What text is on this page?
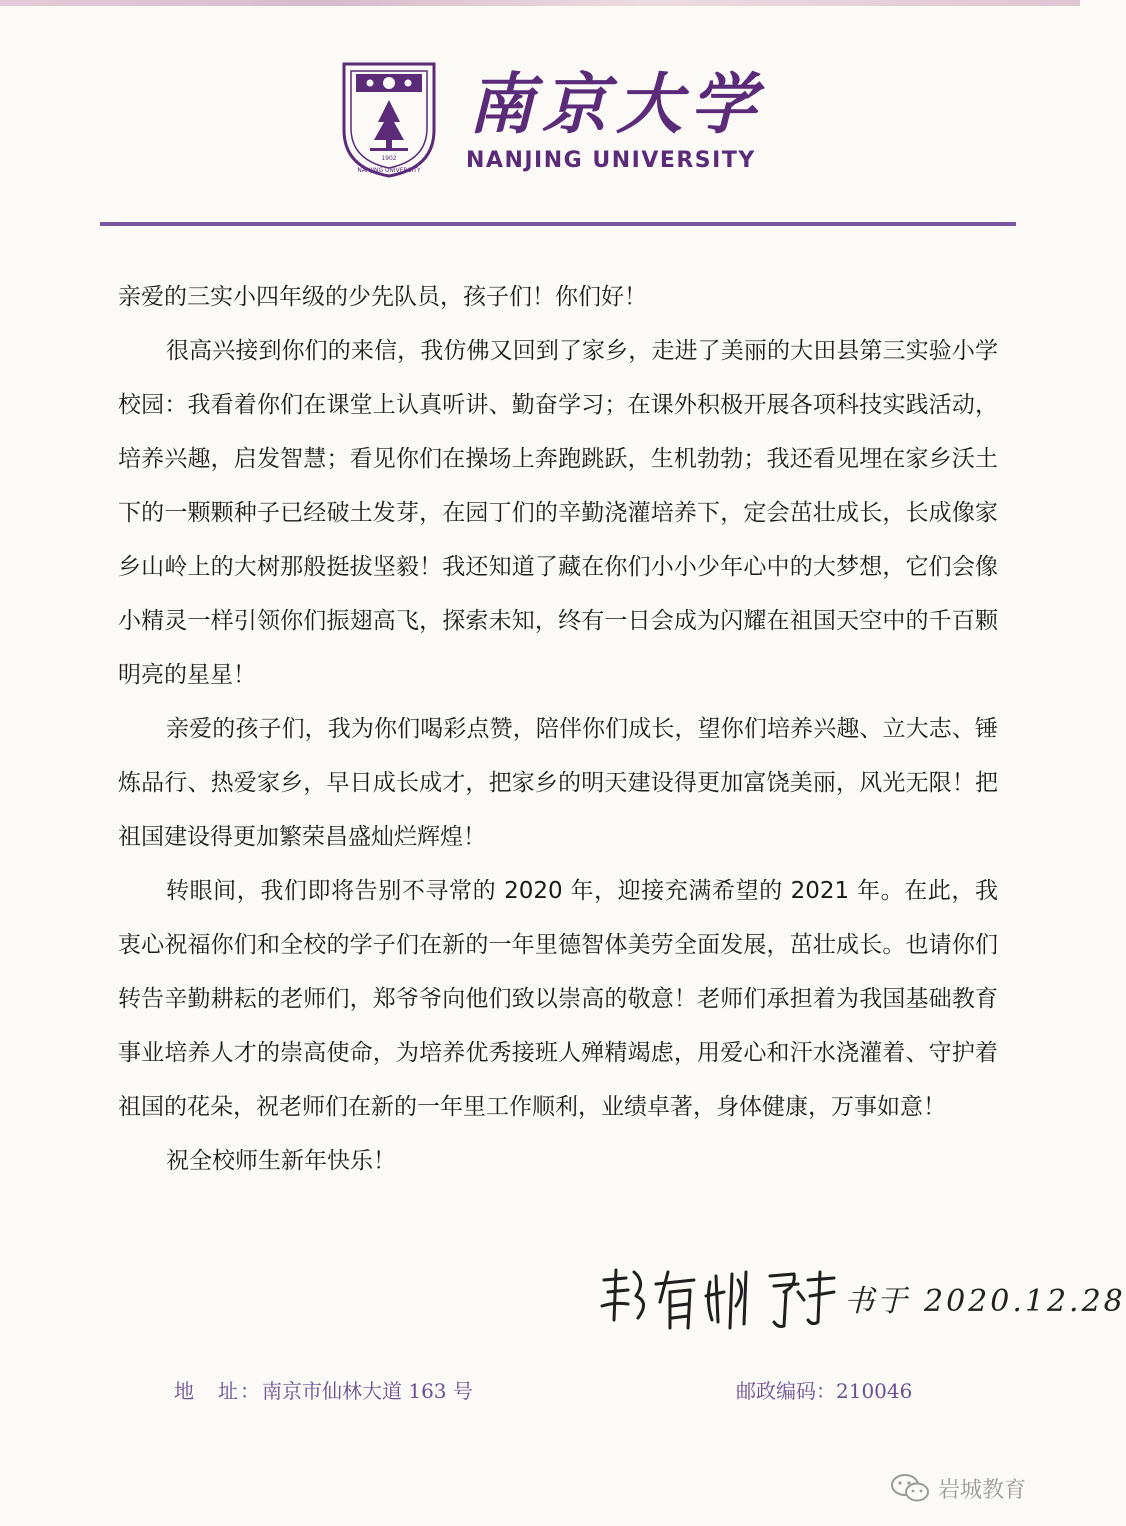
1902
NANJING UNIVERSITY
南京大学
NANJING UNIVERSITY

亲爱的三实小四年级的少先队员，孩子们！你们好！

很高兴接到你们的来信，我仿佛又回到了家乡，走进了美丽的大田县第三实验小学校园：我看着你们在课堂上认真听讲、勤奋学习；在课外积极开展各项科技实践活动，培养兴趣，启发智慧；看见你们在操场上奔跑跳跃，生机勃勃；我还看见埋在家乡沃土下的一颗颗种子已经破土发芽，在园丁们的辛勤浇灌培养下，定会茁壮成长，长成像家乡山岭上的大树那般挺拔坚毅！我还知道了藏在你们小小少年心中的大梦想，它们会像小精灵一样引领你们振翅高飞，探索未知，终有一日会成为闪耀在祖国天空中的千百颗明亮的星星！

亲爱的孩子们，我为你们喝彩点赞，陪伴你们成长，望你们培养兴趣、立大志、锤炼品行、热爱家乡，早日成长成才，把家乡的明天建设得更加富饶美丽，风光无限！把祖国建设得更加繁荣昌盛灿烂辉煌！

转眼间，我们即将告别不寻常的 2020 年，迎接充满希望的 2021 年。在此，我衷心祝福你们和全校的学子们在新的一年里德智体美劳全面发展，茁壮成长。也请你们转告辛勤耕耘的老师们，郑爷爷向他们致以崇高的敬意！老师们承担着为我国基础教育事业培养人才的崇高使命，为培养优秀接班人殚精竭虑，用爱心和汗水浇灌着、守护着祖国的花朵，祝老师们在新的一年里工作顺利，业绩卓著，身体健康，万事如意！

祝全校师生新年快乐！

书于 2020.12.28
地　址：南京市仙林大道 163 号	邮政编码：210046
岩城教育
